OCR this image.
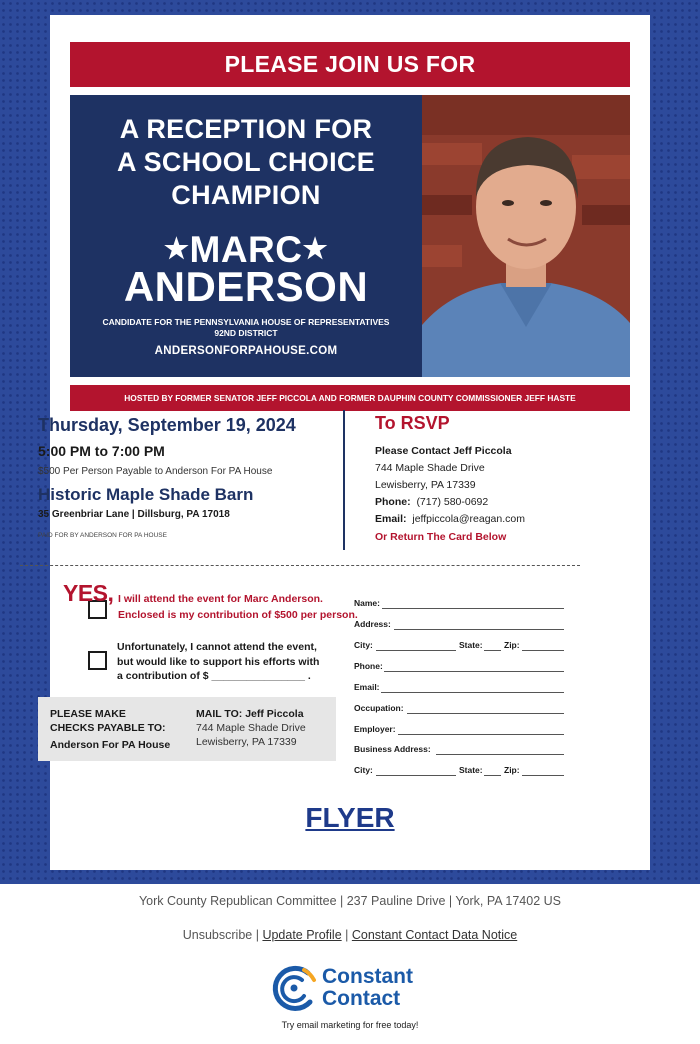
PLEASE JOIN US FOR
A RECEPTION FOR
A SCHOOL CHOICE
CHAMPION
★MARC★
ANDERSON
CANDIDATE FOR THE PENNSYLVANIA HOUSE OF REPRESENTATIVES
92ND DISTRICT
ANDERSONFORPAHOUSE.COM
HOSTED BY FORMER SENATOR JEFF PICCOLA AND FORMER DAUPHIN COUNTY COMMISSIONER JEFF HASTE
Thursday, September 19, 2024
5:00 PM to 7:00 PM
$500 Per Person Payable to Anderson For PA House
Historic Maple Shade Barn
35 Greenbriar Lane | Dillsburg, PA 17018
PAID FOR BY ANDERSON FOR PA HOUSE
To RSVP
Please Contact Jeff Piccola
744 Maple Shade Drive
Lewisberry, PA 17339
Phone: (717) 580-0692
Email: jeffpiccola@reagan.com
Or Return The Card Below
YES, I will attend the event for Marc Anderson.
Enclosed is my contribution of $500 per person.
Unfortunately, I cannot attend the event,
but would like to support his efforts with
a contribution of $ ________________ .
PLEASE MAKE
CHECKS PAYABLE TO:
Anderson For PA House
MAIL TO: Jeff Piccola
744 Maple Shade Drive
Lewisberry, PA 17339
Name:
Address:
City:	State:	Zip:
Phone:
Email:
Occupation:
Employer:
Business Address:
City:	State:	Zip:
FLYER
York County Republican Committee | 237 Pauline Drive | York, PA 17402 US
Unsubscribe | Update Profile | Constant Contact Data Notice
Constant
Contact
Try email marketing for free today!
